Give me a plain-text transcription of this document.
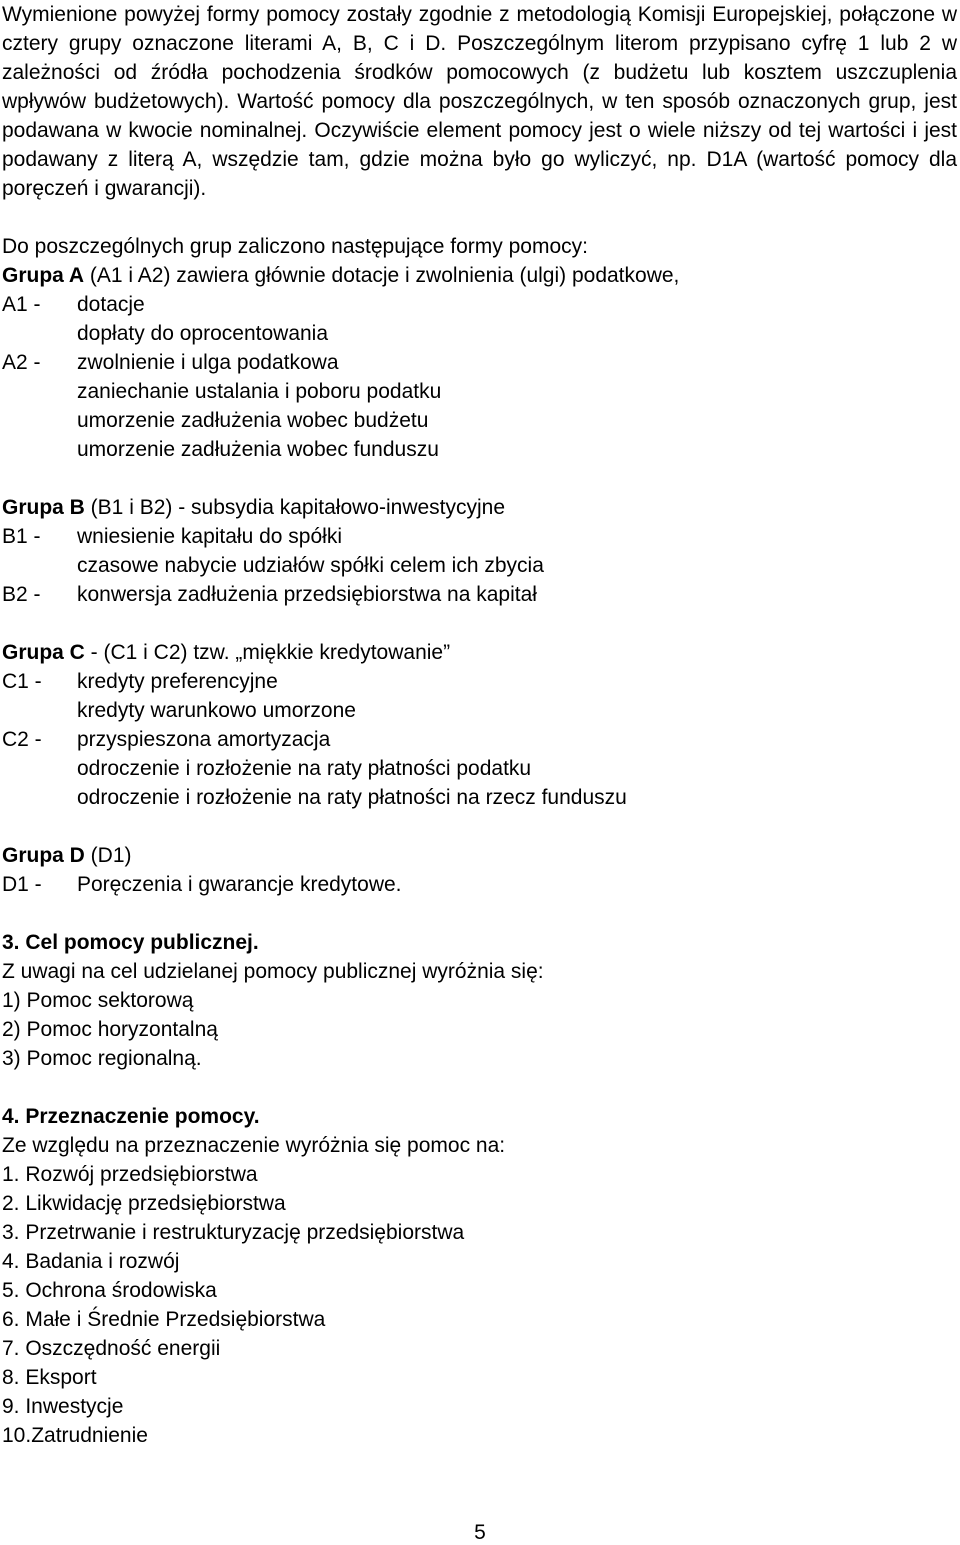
Wymienione powyżej formy pomocy zostały zgodnie z metodologią Komisji Europejskiej, połączone w cztery grupy oznaczone literami A, B, C i D. Poszczególnym literom przypisano cyfrę 1 lub 2 w zależności od źródła pochodzenia środków pomocowych (z budżetu lub kosztem uszczuplenia wpływów budżetowych). Wartość pomocy dla poszczególnych, w ten sposób oznaczonych grup, jest podawana w kwocie nominalnej. Oczywiście element pomocy jest o wiele niższy od tej wartości i jest podawany z literą A, wszędzie tam, gdzie można było go wyliczyć, np. D1A (wartość pomocy dla poręczeń i gwarancji).

Do poszczególnych grup zaliczono następujące formy pomocy:
Grupa A (A1 i A2) zawiera głównie dotacje i zwolnienia (ulgi) podatkowe,
A1 - dotacje
dopłaty do oprocentowania
A2 - zwolnienie i ulga podatkowa
zaniechanie ustalania i poboru podatku
umorzenie zadłużenia wobec budżetu
umorzenie zadłużenia wobec funduszu
Grupa B (B1 i B2) - subsydia kapitałowo-inwestycyjne
B1 - wniesienie kapitału do spółki
czasowe nabycie udziałów spółki celem ich zbycia
B2 - konwersja zadłużenia przedsiębiorstwa na kapitał
Grupa C - (C1 i C2) tzw. „miękkie kredytowanie”
C1 - kredyty preferencyjne
kredyty warunkowo umorzone
C2 - przyspieszona amortyzacja
odroczenie i rozłożenie na raty płatności podatku
odroczenie i rozłożenie na raty płatności na rzecz funduszu
Grupa D (D1)
D1 - Poręczenia i gwarancje kredytowe.
3. Cel pomocy publicznej.
Z uwagi na cel udzielanej pomocy publicznej wyróżnia się:
1) Pomoc sektorową
2) Pomoc horyzontalną
3) Pomoc regionalną.
4. Przeznaczenie pomocy.
Ze względu na przeznaczenie wyróżnia się pomoc na:
1. Rozwój przedsiębiorstwa
2. Likwidację przedsiębiorstwa
3. Przetrwanie i restrukturyzację przedsiębiorstwa
4. Badania i rozwój
5. Ochrona środowiska
6. Małe i Średnie Przedsiębiorstwa
7. Oszczędność energii
8. Eksport
9. Inwestycje
10.Zatrudnienie
5
